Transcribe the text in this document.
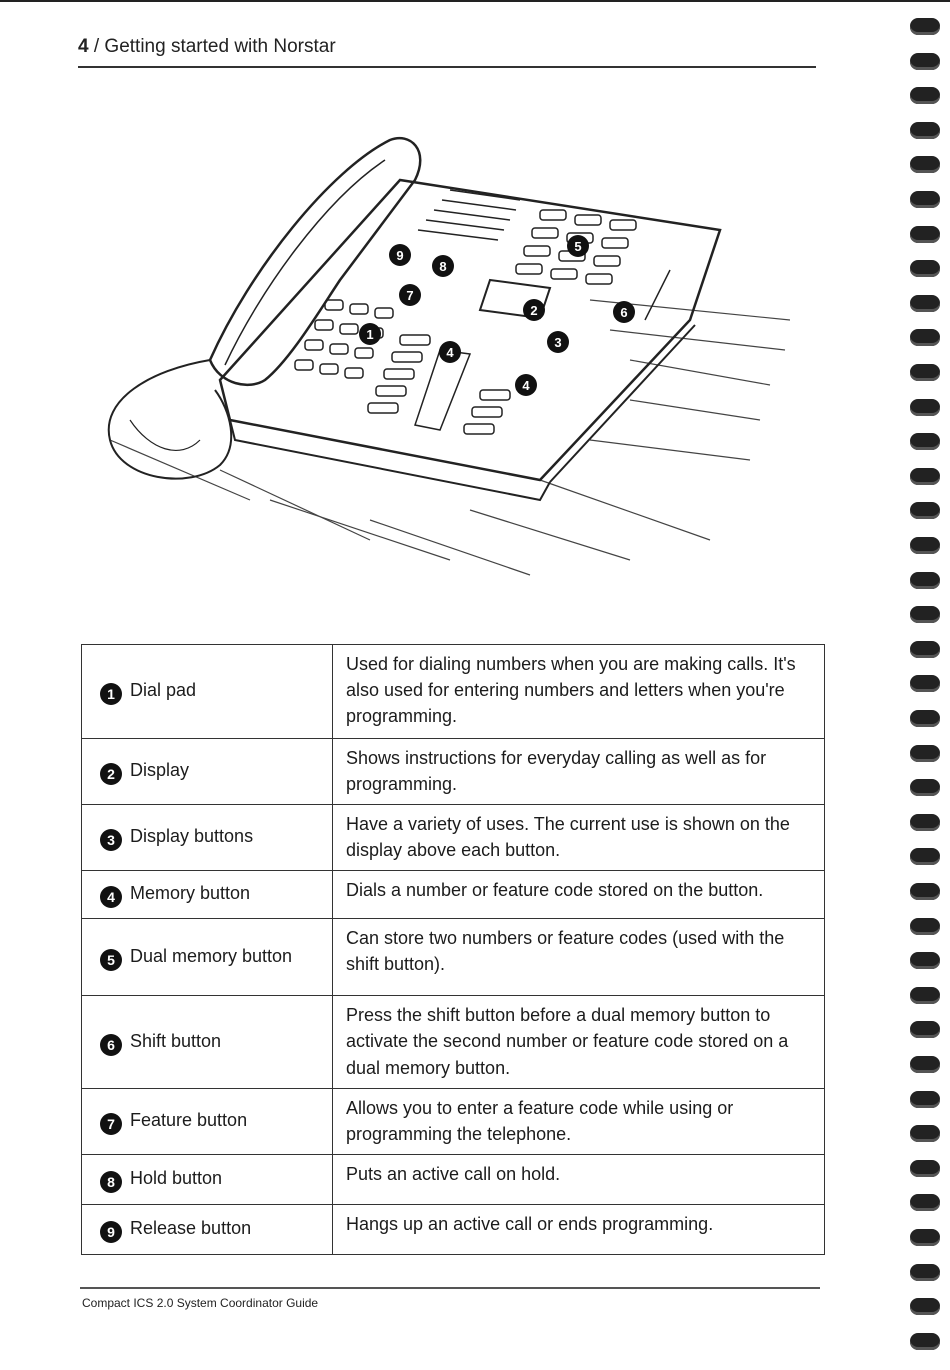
4 / Getting started with Norstar
9
8
5
7
2	6
1
3
4
4
1 Dial pad	Used for dialing numbers when you are making calls. It's also used for entering numbers and letters when you're programming.
2 Display	Shows instructions for everyday calling as well as for programming.
3 Display buttons	Have a variety of uses. The current use is shown on the display above each button.
4 Memory button	Dials a number or feature code stored on the button.
5 Dual memory button	Can store two numbers or feature codes (used with the shift button).
6 Shift button	Press the shift button before a dual memory button to activate the second number or feature code stored on a dual memory button.
7 Feature button	Allows you to enter a feature code while using or programming the telephone.
8 Hold button	Puts an active call on hold.
9 Release button	Hangs up an active call or ends programming.
Compact ICS 2.0 System Coordinator Guide
